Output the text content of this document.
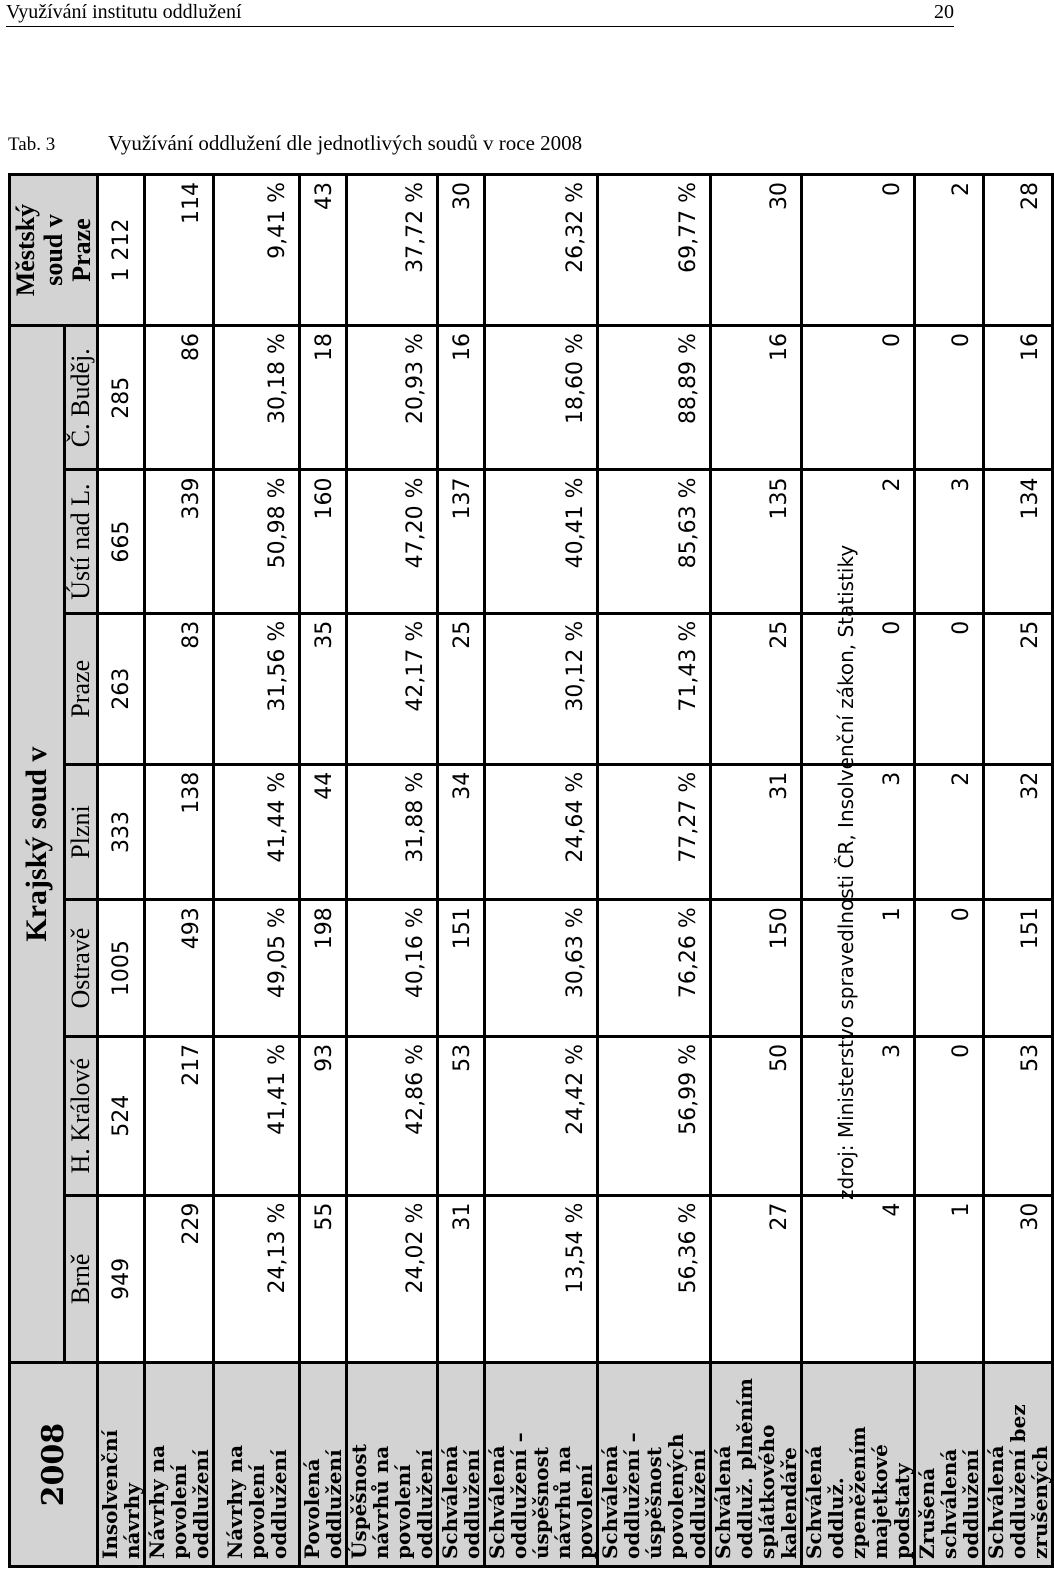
Využívání institutu oddlužení	20
Tab. 3	Využívání oddlužení dle jednotlivých soudů v roce 2008
2008	Krajský soud v							Městský soud v Praze
	Brně	H. Králové	Ostravě	Plzni	Praze	Ústí nad L.	Č. Buděj.	
Insolvenční návrhy	949	524	1005	333	263	665	285	1 212
Návrhy na povolení oddlužení	229	217	493	138	83	339	86	114
Návrhy na povolení oddlužení	24,13 %	41,41 %	49,05 %	41,44 %	31,56 %	50,98 %	30,18 %	9,41 %
Povolená oddlužení	55	93	198	44	35	160	18	43
Úspěšnost návrhů na povolení oddlužení	24,02 %	42,86 %	40,16 %	31,88 %	42,17 %	47,20 %	20,93 %	37,72 %
Schválená oddlužení	31	53	151	34	25	137	16	30
Schválená oddlužení – úspěšnost návrhů na povolení	13,54 %	24,42 %	30,63 %	24,64 %	30,12 %	40,41 %	18,60 %	26,32 %
Schválená oddlužení – úspěšnost povolených oddlužení	56,36 %	56,99 %	76,26 %	77,27 %	71,43 %	85,63 %	88,89 %	69,77 %
Schválená oddluž. plněním splátkového kalendáře	27	50	150	31	25	135	16	30
Schválená oddluž. zpeněžením majetkové podstaty	4	3	1	3	0	2	0	0
Zrušená schválená oddlužení	1	0	0	2	0	3	0	2
Schválená oddlužení bez zrušených	30	53	151	32	25	134	16	28
zdroj: Ministerstvo spravedlnosti ČR, Insolvenční zákon, Statistiky
